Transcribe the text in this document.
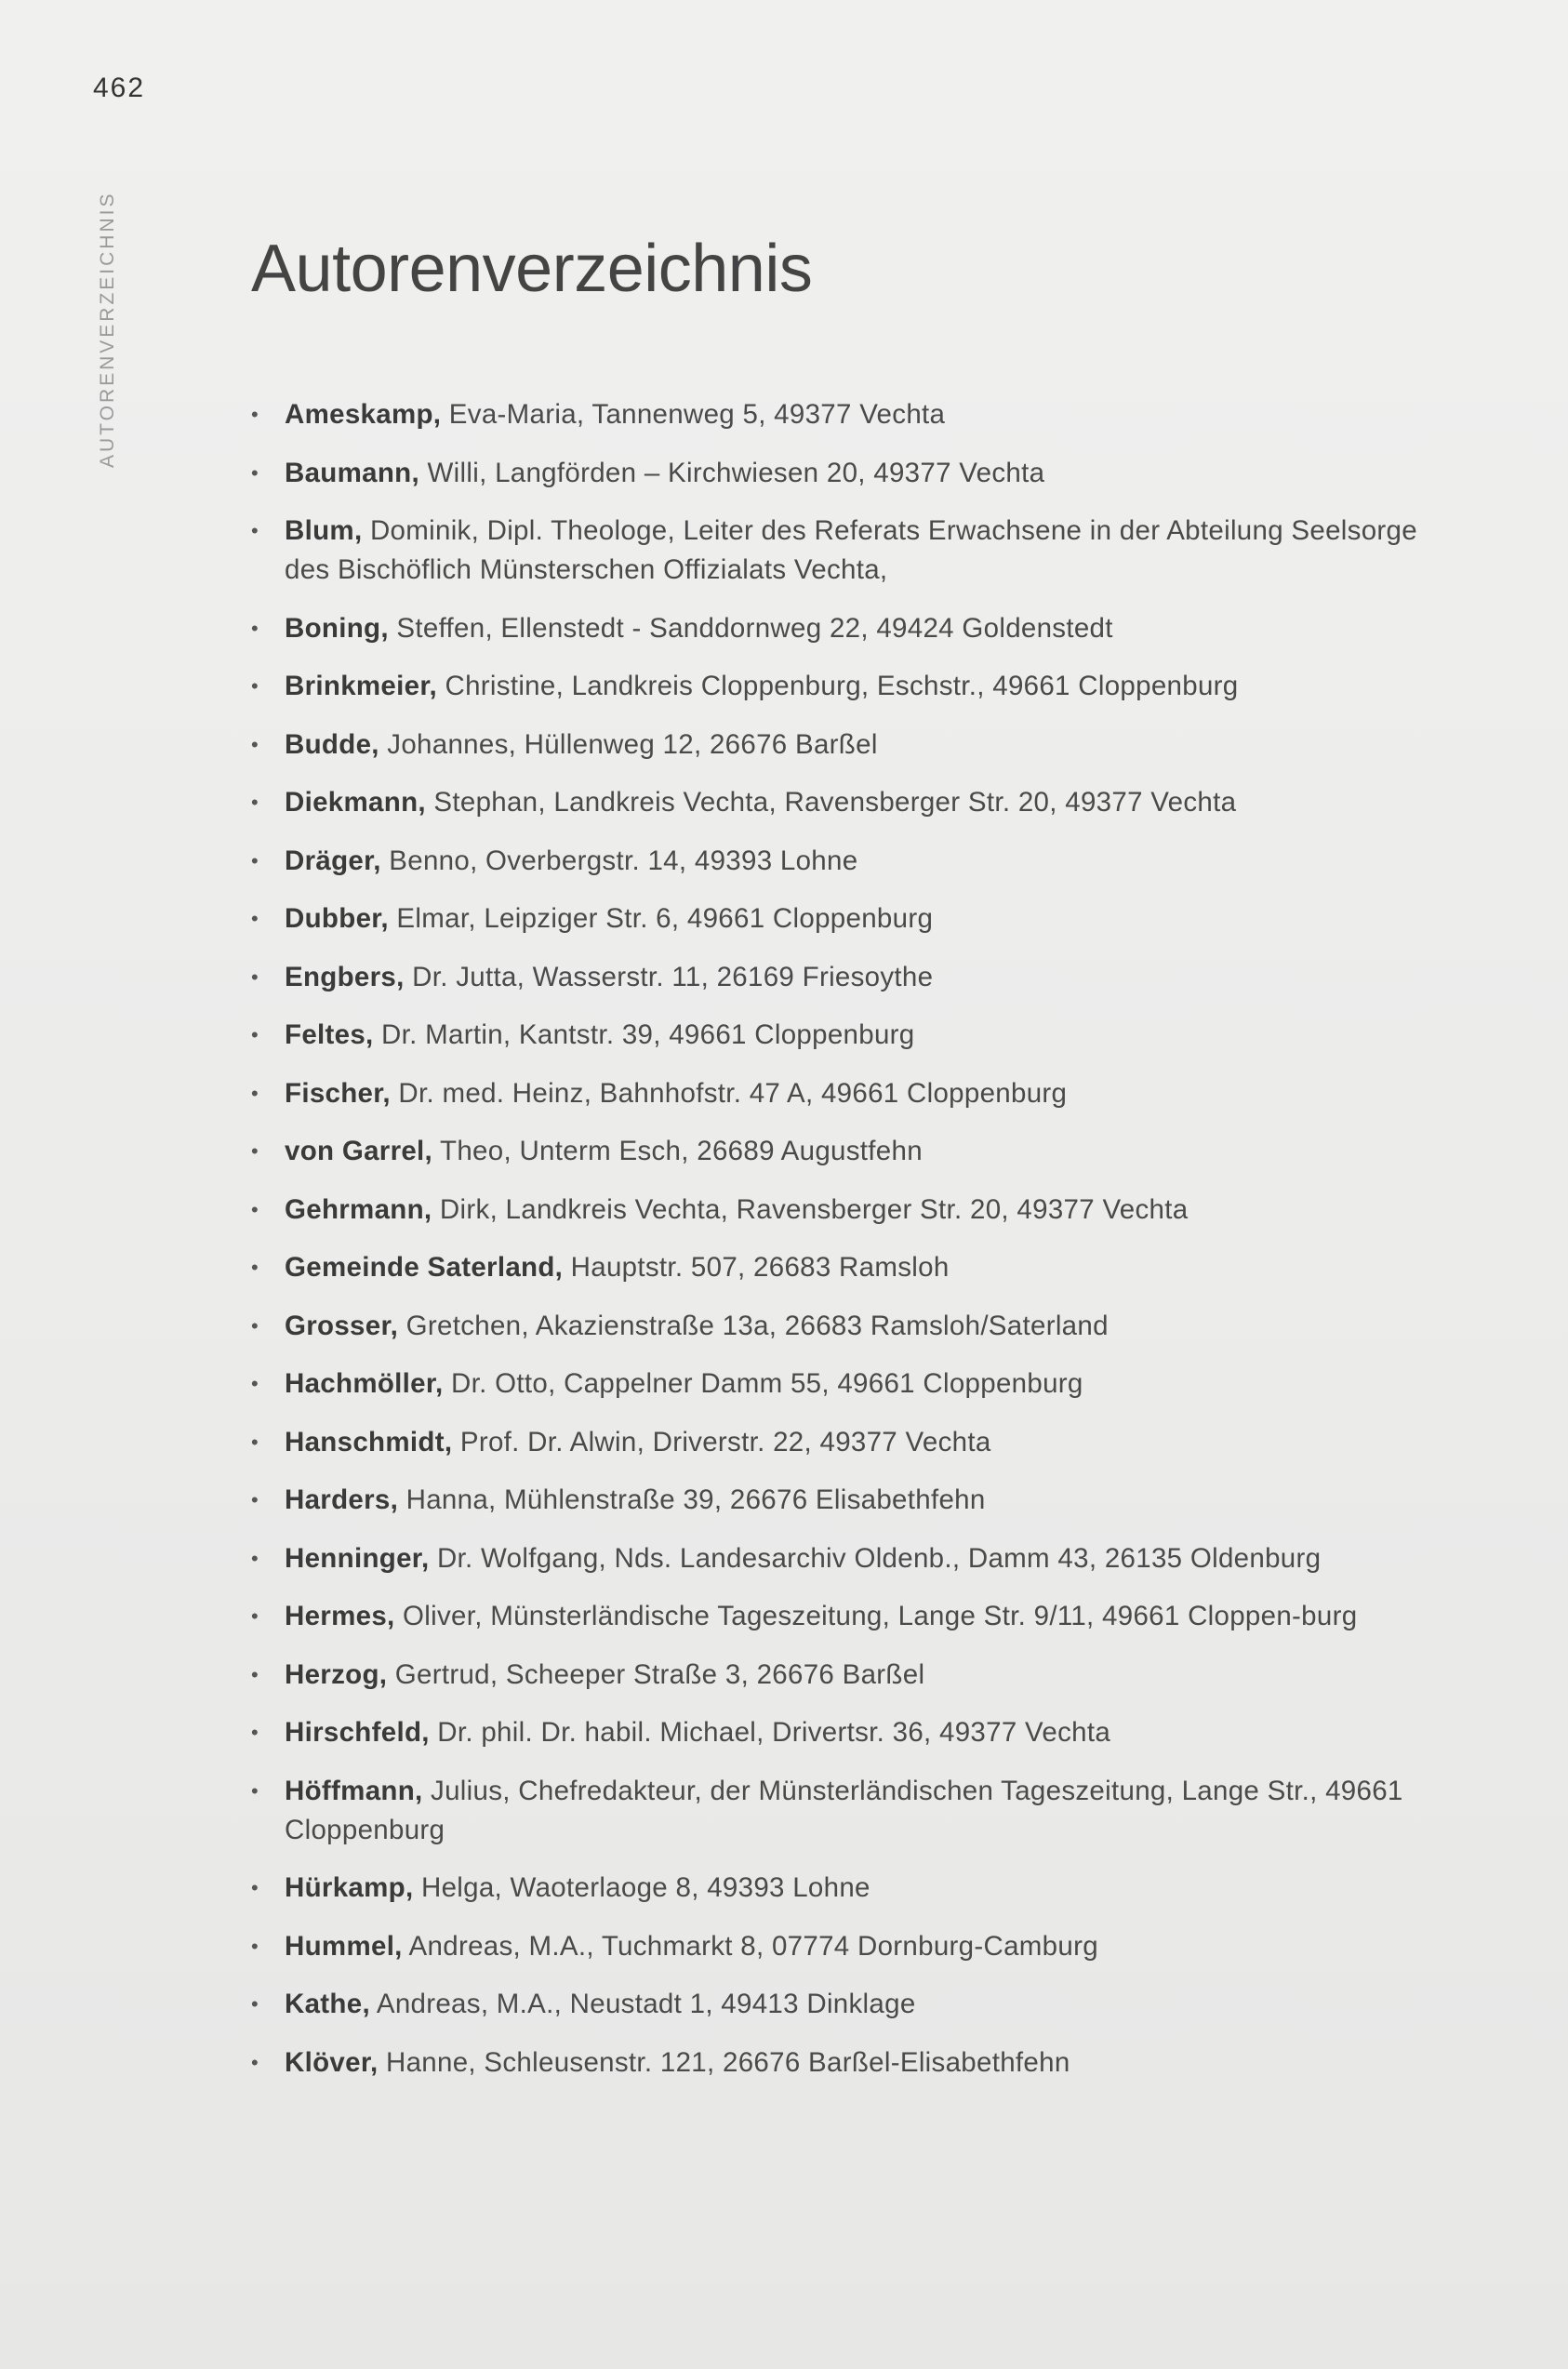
462
AUTORENVERZEICHNIS Autorenverzeichnis
• Ameskamp, Eva-Maria, Tannenweg 5, 49377 Vechta
• Baumann, Willi, Langförden – Kirchwiesen 20, 49377 Vechta
• Blum, Dominik, Dipl. Theologe, Leiter des Referats Erwachsene in der Abteilung Seelsorge des Bischöflich Münsterschen Offizialats Vechta,
• Boning, Steffen, Ellenstedt - Sanddornweg 22, 49424 Goldenstedt
• Brinkmeier, Christine, Landkreis Cloppenburg, Eschstr., 49661 Cloppenburg
• Budde, Johannes, Hüllenweg 12, 26676 Barßel
• Diekmann, Stephan, Landkreis Vechta, Ravensberger Str. 20, 49377 Vechta
• Dräger, Benno, Overbergstr. 14, 49393 Lohne
• Dubber, Elmar, Leipziger Str. 6, 49661 Cloppenburg
• Engbers, Dr. Jutta, Wasserstr. 11, 26169 Friesoythe
• Feltes, Dr. Martin, Kantstr. 39, 49661 Cloppenburg
• Fischer, Dr. med. Heinz, Bahnhofstr. 47 A, 49661 Cloppenburg
• von Garrel, Theo, Unterm Esch, 26689 Augustfehn
• Gehrmann, Dirk, Landkreis Vechta, Ravensberger Str. 20, 49377 Vechta
• Gemeinde Saterland, Hauptstr. 507, 26683 Ramsloh
• Grosser, Gretchen, Akazienstraße 13a, 26683 Ramsloh/Saterland
• Hachmöller, Dr. Otto, Cappelner Damm 55, 49661 Cloppenburg
• Hanschmidt, Prof. Dr. Alwin, Driverstr. 22, 49377 Vechta
• Harders, Hanna, Mühlenstraße 39, 26676 Elisabethfehn
• Henninger, Dr. Wolfgang, Nds. Landesarchiv Oldenb., Damm 43, 26135 Oldenburg
• Hermes, Oliver, Münsterländische Tageszeitung, Lange Str. 9/11, 49661 Cloppen-burg
• Herzog, Gertrud, Scheeper Straße 3, 26676 Barßel
• Hirschfeld, Dr. phil. Dr. habil. Michael, Drivertsr. 36, 49377 Vechta
• Höffmann, Julius, Chefredakteur, der Münsterländischen Tageszeitung, Lange Str., 49661 Cloppenburg
• Hürkamp, Helga, Waoterlaoge 8, 49393 Lohne
• Hummel, Andreas, M.A., Tuchmarkt 8, 07774 Dornburg-Camburg
• Kathe, Andreas, M.A., Neustadt 1, 49413 Dinklage
• Klöver, Hanne, Schleusenstr. 121, 26676 Barßel-Elisabethfehn
